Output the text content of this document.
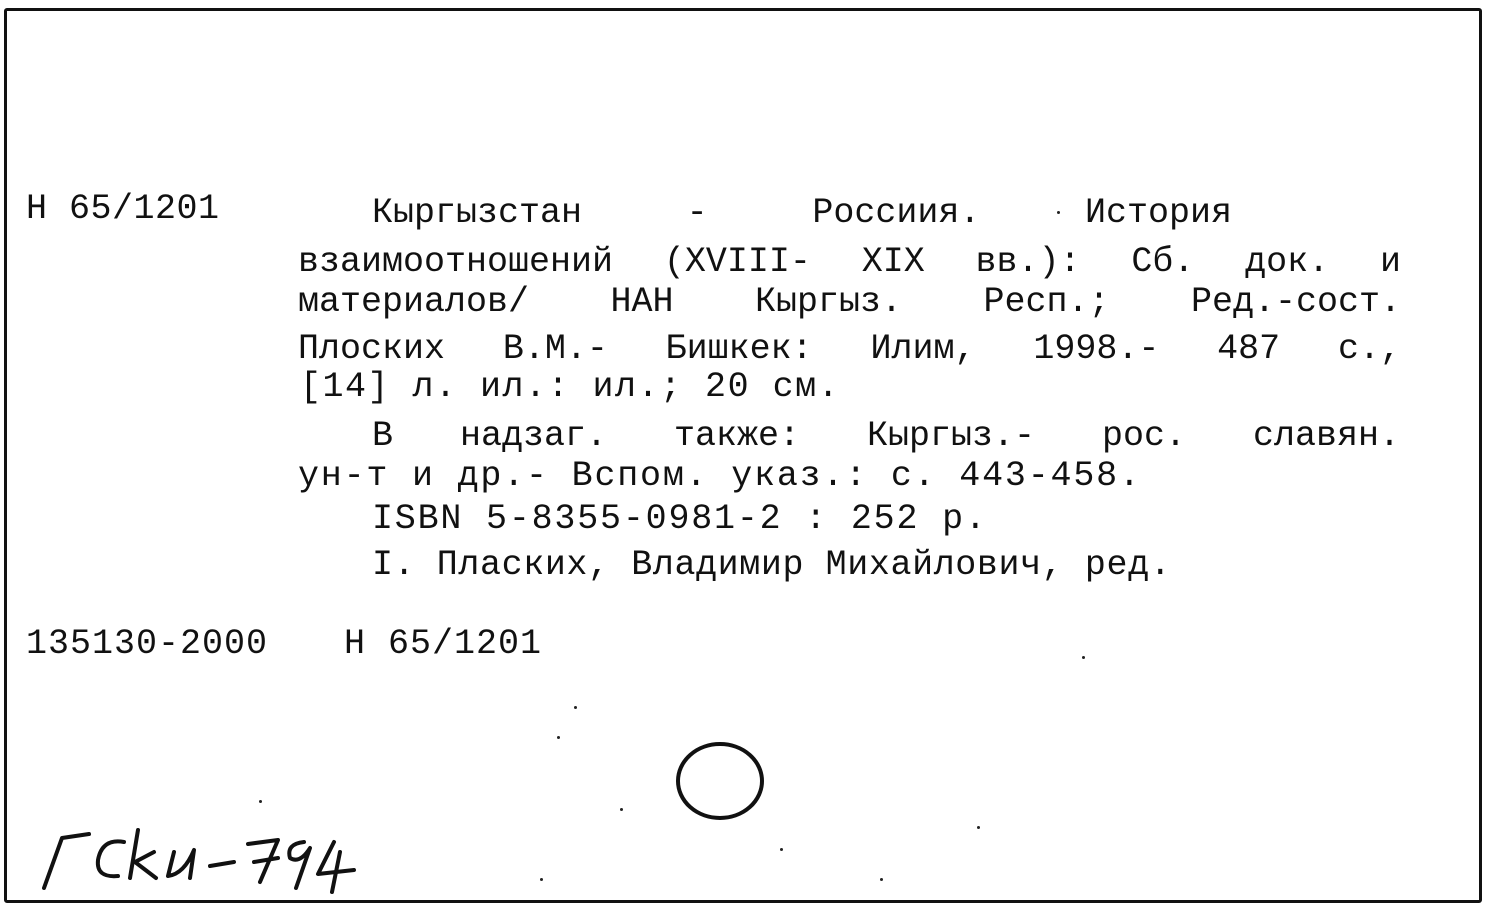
Н 65/1201	Кыргызстан	-	Россиия.	История
взаимоотношений (XVIII- XIX вв.): Сб. док. и
материалов/ НАН Кыргыз. Респ.; Ред.-сост.
Плоских В.М.- Бишкек: Илим, 1998.- 487 с.,
[14] л. ил.: ил.; 20 см.
В надзаг. также: Кыргыз.- рос. славян.
ун-т и др.- Вспом. указ.: с. 443-458.
ISBN 5-8355-0981-2 : 252 р.
I. Пласких, Владимир Михайлович, ред.
135130-2000 Н 65/1201
